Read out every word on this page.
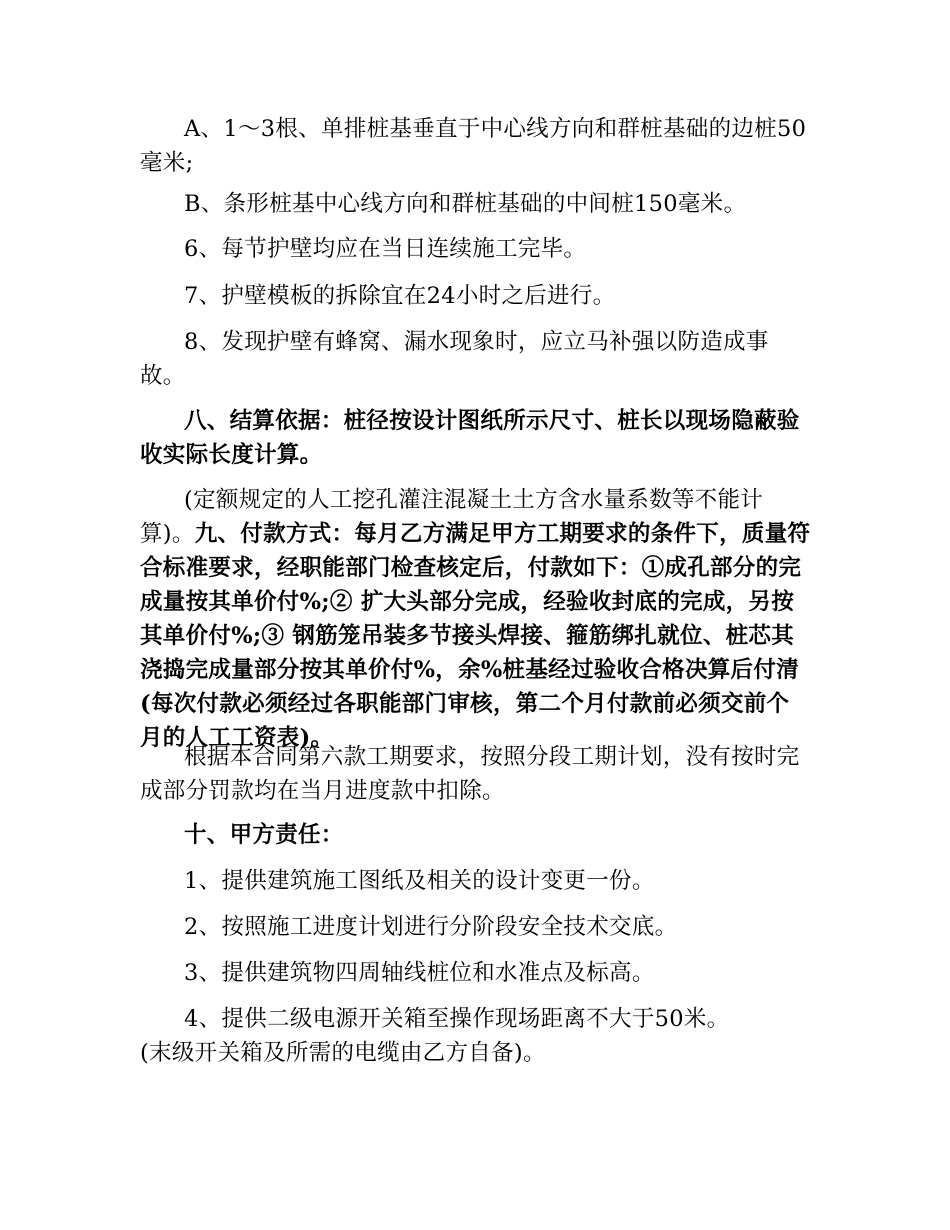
A、1～3根、单排桩基垂直于中心线方向和群桩基础的边桩50毫米;

B、条形桩基中心线方向和群桩基础的中间桩150毫米。

6、每节护壁均应在当日连续施工完毕。

7、护壁模板的拆除宜在24小时之后进行。

8、发现护壁有蜂窝、漏水现象时，应立马补强以防造成事故。

八、结算依据：桩径按设计图纸所示尺寸、桩长以现场隐蔽验收实际长度计算。

(定额规定的人工挖孔灌注混凝土土方含水量系数等不能计算)。九、付款方式：每月乙方满足甲方工期要求的条件下，质量符合标准要求，经职能部门检查核定后，付款如下：①成孔部分的完成量按其单价付%;② 扩大头部分完成，经验收封底的完成，另按其单价付%;③ 钢筋笼吊装多节接头焊接、箍筋绑扎就位、桩芯其浇捣完成量部分按其单价付%，余%桩基经过验收合格决算后付清(每次付款必须经过各职能部门审核，第二个月付款前必须交前个月的人工工资表)。

根据本合同第六款工期要求，按照分段工期计划，没有按时完成部分罚款均在当月进度款中扣除。

十、甲方责任：

1、提供建筑施工图纸及相关的设计变更一份。

2、按照施工进度计划进行分阶段安全技术交底。

3、提供建筑物四周轴线桩位和水准点及标高。

4、提供二级电源开关箱至操作现场距离不大于50米。

(末级开关箱及所需的电缆由乙方自备)。
